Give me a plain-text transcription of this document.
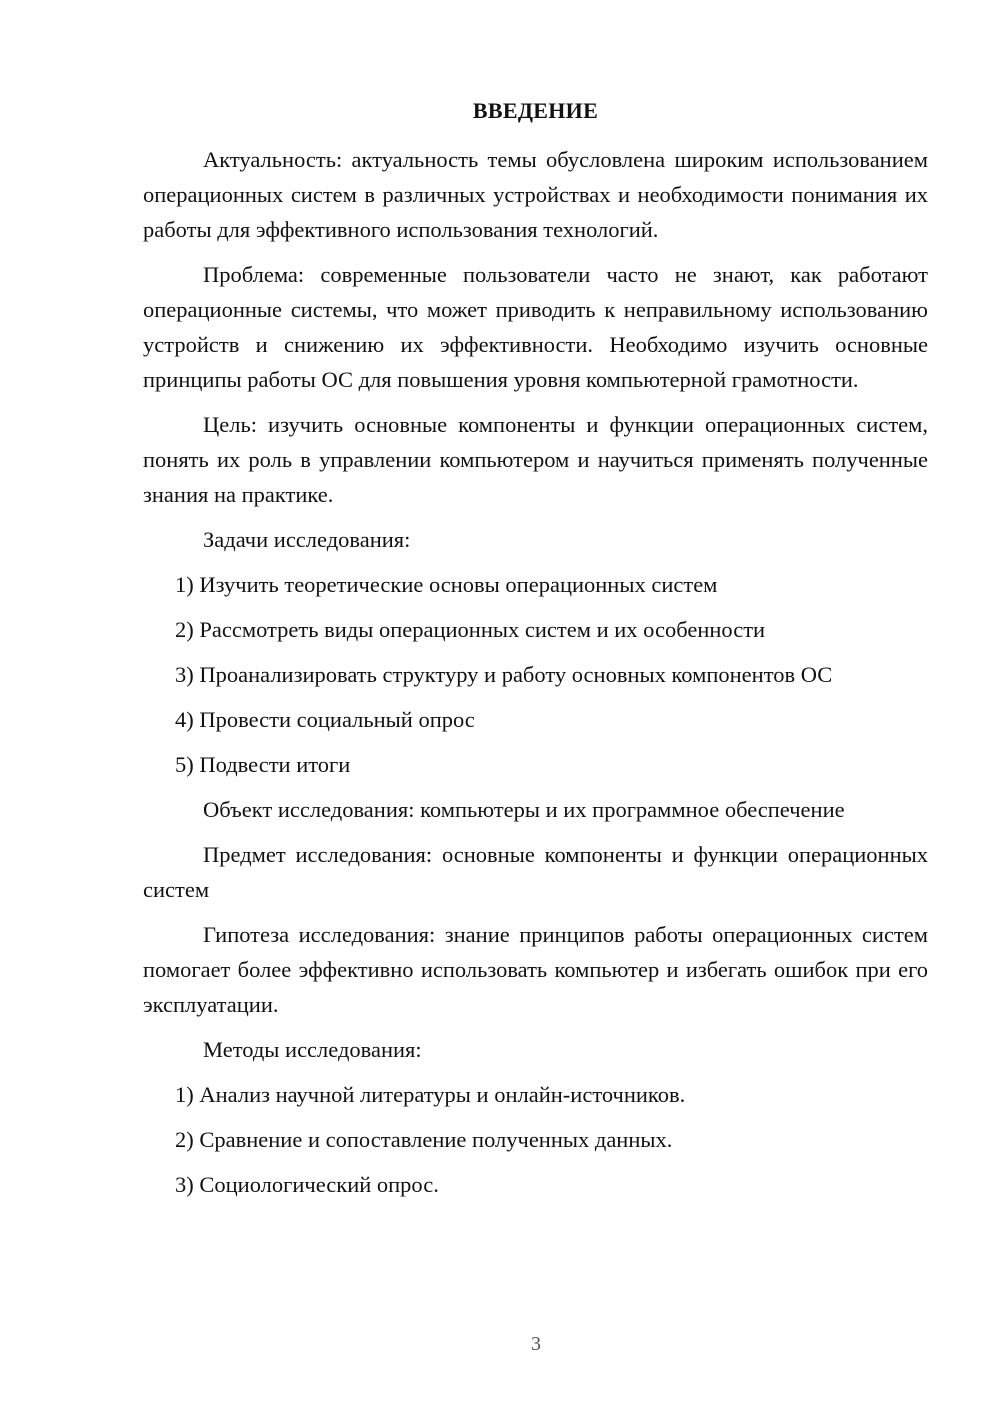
ВВЕДЕНИЕ

Актуальность: актуальность темы обусловлена широким использованием операционных систем в различных устройствах и необходимости понимания их работы для эффективного использования технологий.

Проблема: современные пользователи часто не знают, как работают операционные системы, что может приводить к неправильному использованию устройств и снижению их эффективности. Необходимо изучить основные принципы работы ОС для повышения уровня компьютерной грамотности.

Цель: изучить основные компоненты и функции операционных систем, понять их роль в управлении компьютером и научиться применять полученные знания на практике.

Задачи исследования:

1) Изучить теоретические основы операционных систем

2) Рассмотреть виды операционных систем и их особенности

3) Проанализировать структуру и работу основных компонентов ОС

4) Провести социальный опрос

5) Подвести итоги

Объект исследования: компьютеры и их программное обеспечение

Предмет исследования: основные компоненты и функции операционных систем

Гипотеза исследования: знание принципов работы операционных систем помогает более эффективно использовать компьютер и избегать ошибок при его эксплуатации.

Методы исследования:

1) Анализ научной литературы и онлайн-источников.

2) Сравнение и сопоставление полученных данных.

3) Социологический опрос.

3
